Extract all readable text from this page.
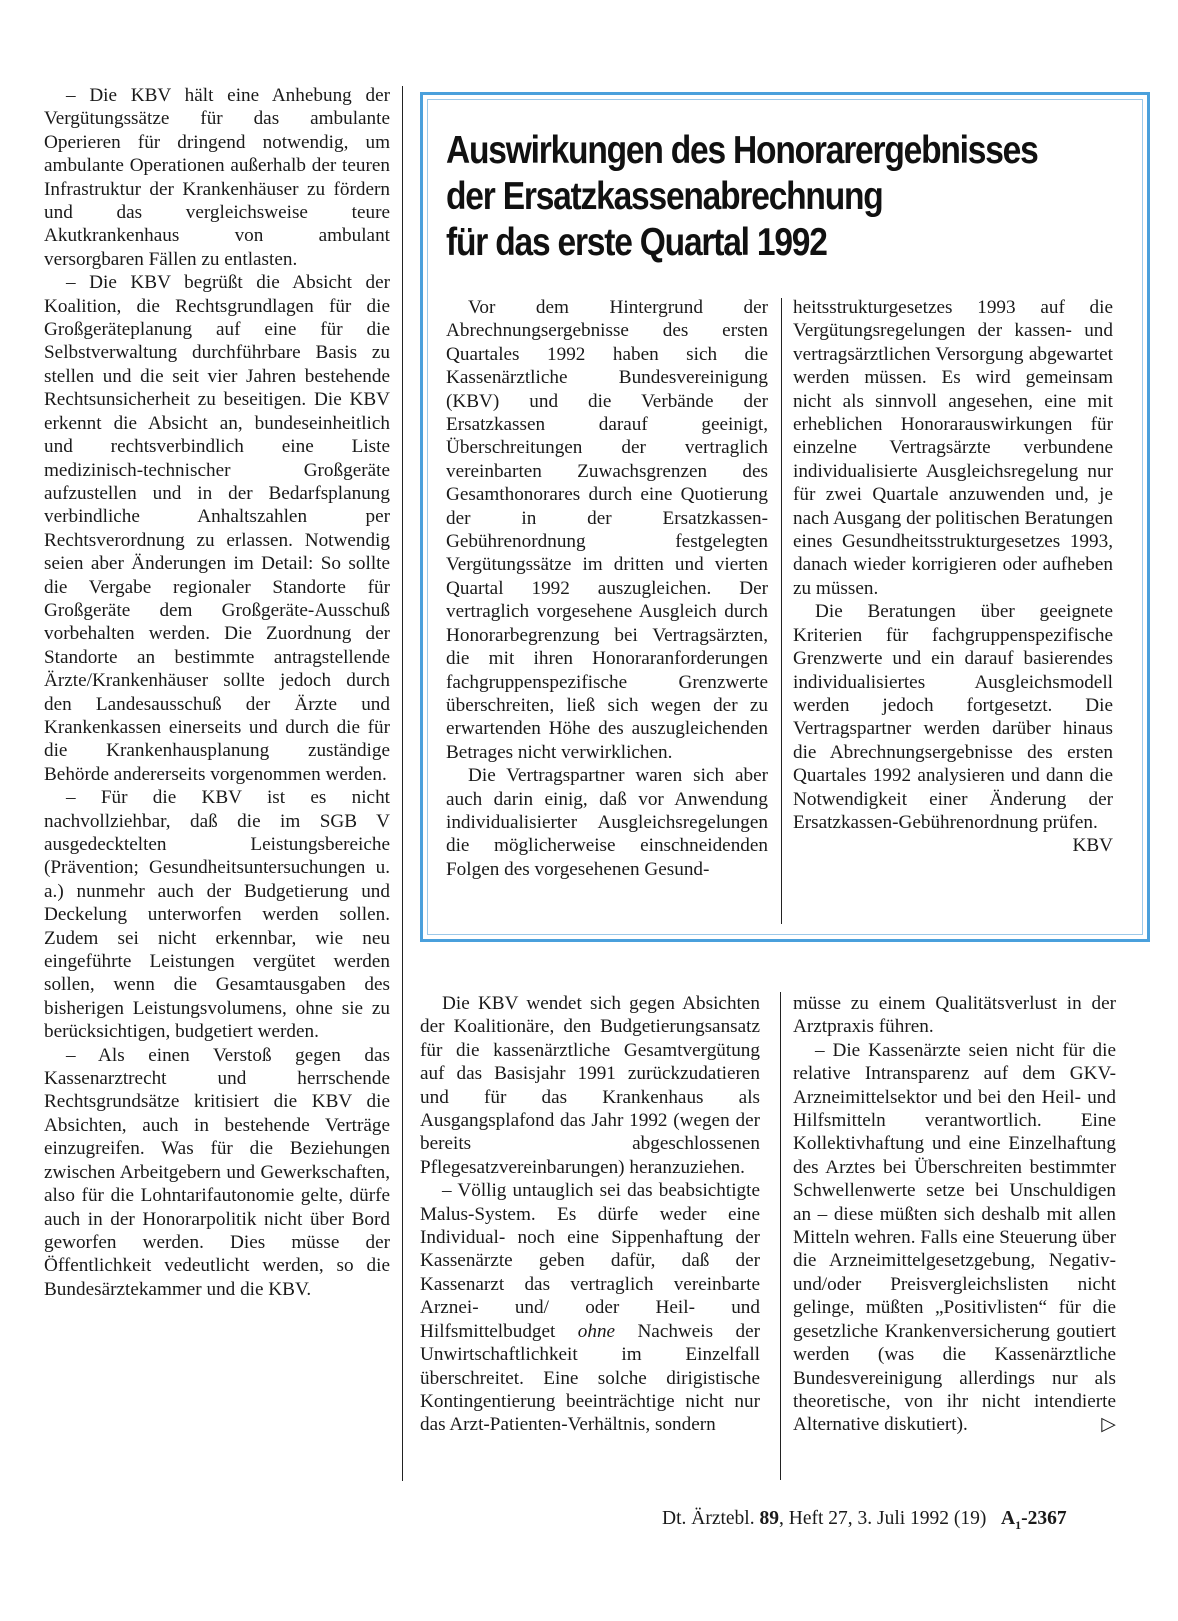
– Die KBV hält eine Anhebung der Vergütungssätze für das ambulante Operieren für dringend notwendig, um ambulante Operationen außerhalb der teuren Infrastruktur der Krankenhäuser zu fördern und das vergleichsweise teure Akutkrankenhaus von ambulant versorgbaren Fällen zu entlasten.

– Die KBV begrüßt die Absicht der Koalition, die Rechtsgrundlagen für die Großgeräteplanung auf eine für die Selbstverwaltung durchführbare Basis zu stellen und die seit vier Jahren bestehende Rechtsunsicherheit zu beseitigen. Die KBV erkennt die Absicht an, bundeseinheitlich und rechtsverbindlich eine Liste medizinisch-technischer Großgeräte aufzustellen und in der Bedarfsplanung verbindliche Anhaltszahlen per Rechtsverordnung zu erlassen. Notwendig seien aber Änderungen im Detail: So sollte die Vergabe regionaler Standorte für Großgeräte dem Großgeräte-Ausschuß vorbehalten werden. Die Zuordnung der Standorte an bestimmte antragstellende Ärzte/Krankenhäuser sollte jedoch durch den Landesausschuß der Ärzte und Krankenkassen einerseits und durch die für die Krankenhausplanung zuständige Behörde andererseits vorgenommen werden.

– Für die KBV ist es nicht nachvollziehbar, daß die im SGB V ausgedecktelten Leistungsbereiche (Prävention; Gesundheitsuntersuchungen u. a.) nunmehr auch der Budgetierung und Deckelung unterworfen werden sollen. Zudem sei nicht erkennbar, wie neu eingeführte Leistungen vergütet werden sollen, wenn die Gesamtausgaben des bisherigen Leistungsvolumens, ohne sie zu berücksichtigen, budgetiert werden.

– Als einen Verstoß gegen das Kassenarztrecht und herrschende Rechtsgrundsätze kritisiert die KBV die Absichten, auch in bestehende Verträge einzugreifen. Was für die Beziehungen zwischen Arbeitgebern und Gewerkschaften, also für die Lohntarifautonomie gelte, dürfe auch in der Honorarpolitik nicht über Bord geworfen werden. Dies müsse der Öffentlichkeit vedeutlicht werden, so die Bundesärztekammer und die KBV.

Auswirkungen des Honorarergebnisses
der Ersatzkassenabrechnung
für das erste Quartal 1992

Vor dem Hintergrund der Abrechnungsergebnisse des ersten Quartales 1992 haben sich die Kassenärztliche Bundesvereinigung (KBV) und die Verbände der Ersatzkassen darauf geeinigt, Überschreitungen der vertraglich vereinbarten Zuwachsgrenzen des Gesamthonorares durch eine Quotierung der in der Ersatzkassen-Gebührenordnung festgelegten Vergütungssätze im dritten und vierten Quartal 1992 auszugleichen. Der vertraglich vorgesehene Ausgleich durch Honorarbegrenzung bei Vertragsärzten, die mit ihren Honoraranforderungen fachgruppenspezifische Grenzwerte überschreiten, ließ sich wegen der zu erwartenden Höhe des auszugleichenden Betrages nicht verwirklichen.

Die Vertragspartner waren sich aber auch darin einig, daß vor Anwendung individualisierter Ausgleichsregelungen die möglicherweise einschneidenden Folgen des vorgesehenen Gesund-

heitsstrukturgesetzes 1993 auf die Vergütungsregelungen der kassen- und vertragsärztlichen Versorgung abgewartet werden müssen. Es wird gemeinsam nicht als sinnvoll angesehen, eine mit erheblichen Honorarauswirkungen für einzelne Vertragsärzte verbundene individualisierte Ausgleichsregelung nur für zwei Quartale anzuwenden und, je nach Ausgang der politischen Beratungen eines Gesundheitsstrukturgesetzes 1993, danach wieder korrigieren oder aufheben zu müssen.

Die Beratungen über geeignete Kriterien für fachgruppenspezifische Grenzwerte und ein darauf basierendes individualisiertes Ausgleichsmodell werden jedoch fortgesetzt. Die Vertragspartner werden darüber hinaus die Abrechnungsergebnisse des ersten Quartales 1992 analysieren und dann die Notwendigkeit einer Änderung der Ersatzkassen-Gebührenordnung prüfen.
KBV

Die KBV wendet sich gegen Absichten der Koalitionäre, den Budgetierungsansatz für die kassenärztliche Gesamtvergütung auf das Basisjahr 1991 zurückzudatieren und für das Krankenhaus als Ausgangsplafond das Jahr 1992 (wegen der bereits abgeschlossenen Pflegesatzvereinbarungen) heranzuziehen.

– Völlig untauglich sei das beabsichtigte Malus-System. Es dürfe weder eine Individual- noch eine Sippenhaftung der Kassenärzte geben dafür, daß der Kassenarzt das vertraglich vereinbarte Arznei- und/ oder Heil- und Hilfsmittelbudget ohne Nachweis der Unwirtschaftlichkeit im Einzelfall überschreitet. Eine solche dirigistische Kontingentierung beeinträchtige nicht nur das Arzt-Patienten-Verhältnis, sondern

müsse zu einem Qualitätsverlust in der Arztpraxis führen.

– Die Kassenärzte seien nicht für die relative Intransparenz auf dem GKV-Arzneimittelsektor und bei den Heil- und Hilfsmitteln verantwortlich. Eine Kollektivhaftung und eine Einzelhaftung des Arztes bei Überschreiten bestimmter Schwellenwerte setze bei Unschuldigen an – diese müßten sich deshalb mit allen Mitteln wehren. Falls eine Steuerung über die Arzneimittelgesetzgebung, Negativ- und/oder Preisvergleichslisten nicht gelinge, müßten „Positivlisten“ für die gesetzliche Krankenversicherung goutiert werden (was die Kassenärztliche Bundesvereinigung allerdings nur als theoretische, von ihr nicht intendierte Alternative diskutiert).	▷

Dt. Ärztebl. 89, Heft 27, 3. Juli 1992 (19) $A_1-2367$
